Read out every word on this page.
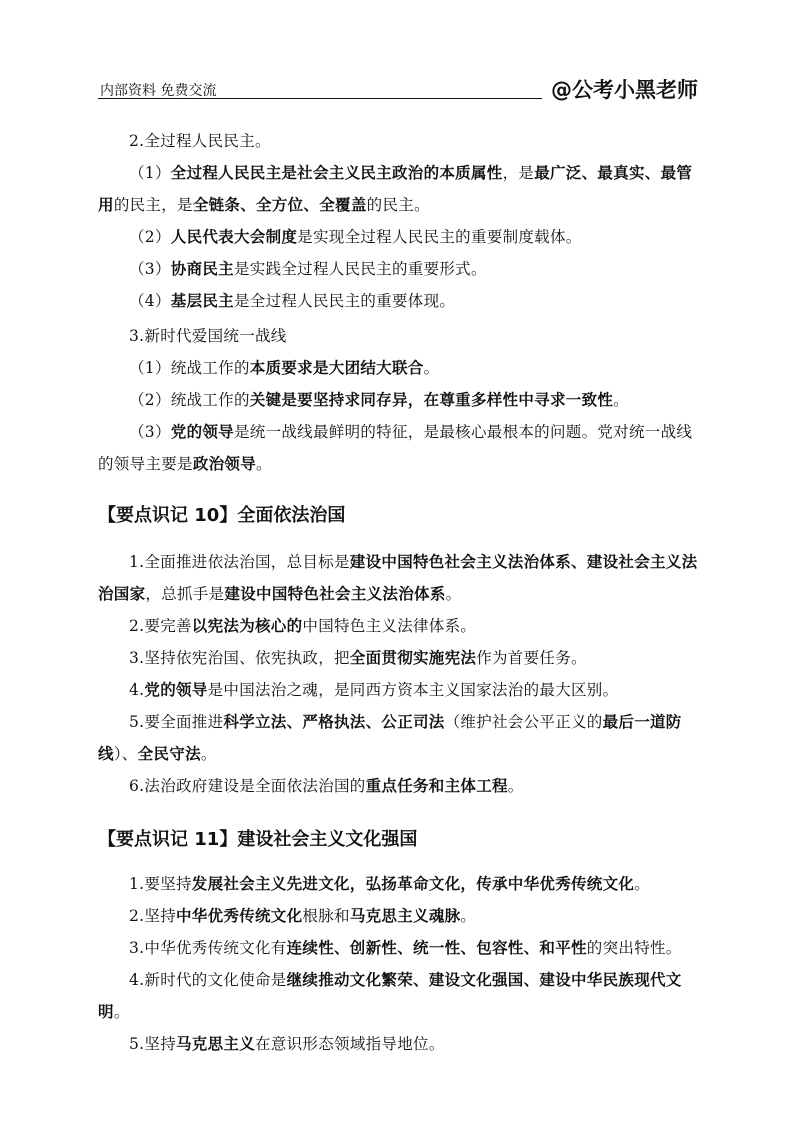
内部资料 免费交流	@公考小黑老师

2.全过程人民民主。

（1）全过程人民民主是社会主义民主政治的本质属性，是最广泛、最真实、最管用的民主，是全链条、全方位、全覆盖的民主。

（2）人民代表大会制度是实现全过程人民民主的重要制度载体。

（3）协商民主是实践全过程人民民主的重要形式。

（4）基层民主是全过程人民民主的重要体现。

3.新时代爱国统一战线

（1）统战工作的本质要求是大团结大联合。

（2）统战工作的关键是要坚持求同存异，在尊重多样性中寻求一致性。

（3）党的领导是统一战线最鲜明的特征，是最核心最根本的问题。党对统一战线的领导主要是政治领导。

【要点识记 10】全面依法治国

1.全面推进依法治国，总目标是建设中国特色社会主义法治体系、建设社会主义法治国家，总抓手是建设中国特色社会主义法治体系。

2.要完善以宪法为核心的中国特色主义法律体系。

3.坚持依宪治国、依宪执政，把全面贯彻实施宪法作为首要任务。

4.党的领导是中国法治之魂，是同西方资本主义国家法治的最大区别。

5.要全面推进科学立法、严格执法、公正司法（维护社会公平正义的最后一道防线）、全民守法。

6.法治政府建设是全面依法治国的重点任务和主体工程。

【要点识记 11】建设社会主义文化强国

1.要坚持发展社会主义先进文化，弘扬革命文化，传承中华优秀传统文化。

2.坚持中华优秀传统文化根脉和马克思主义魂脉。

3.中华优秀传统文化有连续性、创新性、统一性、包容性、和平性的突出特性。

4.新时代的文化使命是继续推动文化繁荣、建设文化强国、建设中华民族现代文明。

5.坚持马克思主义在意识形态领域指导地位。
